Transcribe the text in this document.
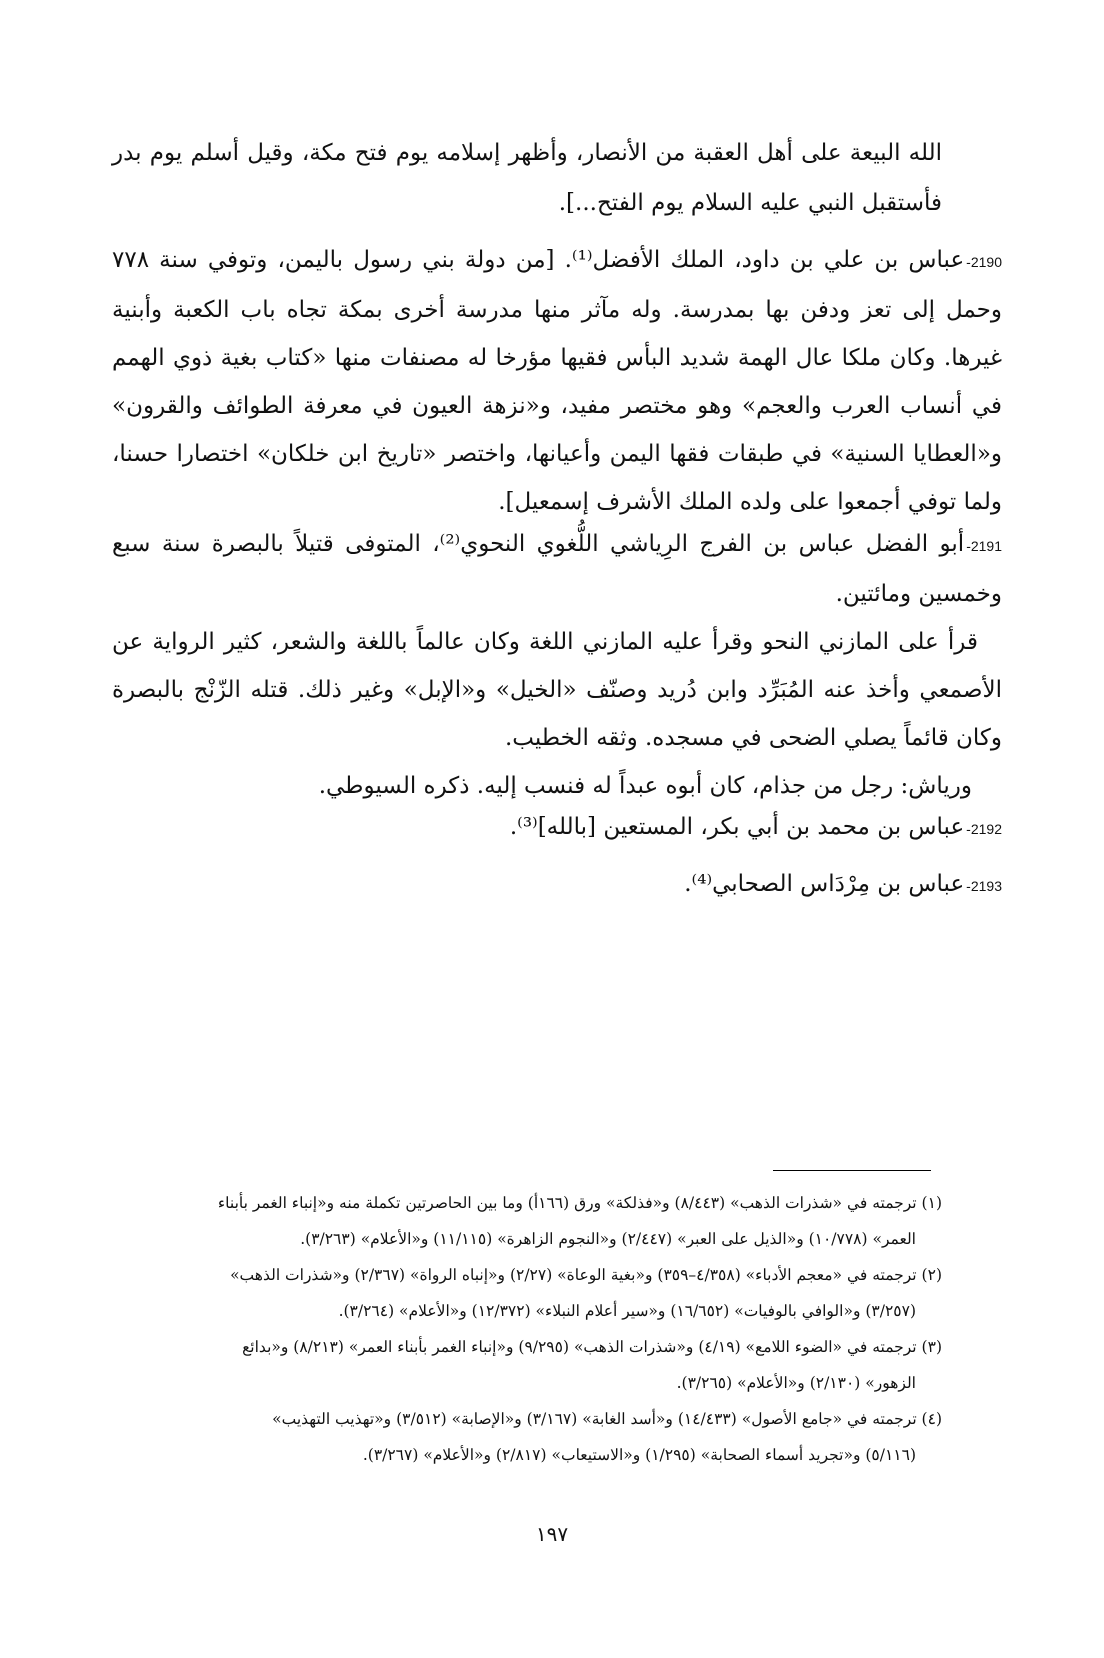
الله البيعة على أهل العقبة من الأنصار، وأظهر إسلامه يوم فتح مكة، وقيل أسلم يوم بدر فأستقبل النبي عليه السلام يوم الفتح...].

2190-عباس بن علي بن داود، الملك الأفضل⁽¹⁾. [من دولة بني رسول باليمن، وتوفي سنة ٧٧٨ وحمل إلى تعز ودفن بها بمدرسة. وله مآثر منها مدرسة أخرى بمكة تجاه باب الكعبة وأبنية غيرها. وكان ملكا عال الهمة شديد البأس فقيها مؤرخا له مصنفات منها «كتاب بغية ذوي الهمم في أنساب العرب والعجم» وهو مختصر مفيد، و«نزهة العيون في معرفة الطوائف والقرون» و«العطايا السنية» في طبقات فقها اليمن وأعيانها، واختصر «تاريخ ابن خلكان» اختصارا حسنا، ولما توفي أجمعوا على ولده الملك الأشرف إسمعيل].

2191-أبو الفضل عباس بن الفرج الرِياشي اللُّغوي النحوي⁽²⁾، المتوفى قتيلاً بالبصرة سنة سبع وخمسين ومائتين.

قرأ على المازني النحو وقرأ عليه المازني اللغة وكان عالماً باللغة والشعر، كثير الرواية عن الأصمعي وأخذ عنه المُبَرِّد وابن دُريد وصنّف «الخيل» و«الإبل» وغير ذلك. قتله الزّنْج بالبصرة وكان قائماً يصلي الضحى في مسجده. وثقه الخطيب.

ورياش: رجل من جذام، كان أبوه عبداً له فنسب إليه. ذكره السيوطي.

2192-عباس بن محمد بن أبي بكر، المستعين [بالله]⁽³⁾.

2193-عباس بن مِرْدَاس الصحابي⁽⁴⁾.

(١) ترجمته في «شذرات الذهب» (٨/٤٤٣) و«فذلكة» ورق (١٦٦أ) وما بين الحاصرتين تكملة منه و«إنباء الغمر بأبناء

العمر» (١٠/٧٧٨) و«الذيل على العبر» (٢/٤٤٧) و«النجوم الزاهرة» (١١/١١٥) و«الأعلام» (٣/٢٦٣).

(٢) ترجمته في «معجم الأدباء» (٤/٣٥٨–٣٥٩) و«بغية الوعاة» (٢/٢٧) و«إنباه الرواة» (٢/٣٦٧) و«شذرات الذهب»

(٣/٢٥٧) و«الوافي بالوفيات» (١٦/٦٥٢) و«سير أعلام النبلاء» (١٢/٣٧٢) و«الأعلام» (٣/٢٦٤).

(٣) ترجمته في «الضوء اللامع» (٤/١٩) و«شذرات الذهب» (٩/٢٩٥) و«إنباء الغمر بأبناء العمر» (٨/٢١٣) و«بدائع

الزهور» (٢/١٣٠) و«الأعلام» (٣/٢٦٥).

(٤) ترجمته في «جامع الأصول» (١٤/٤٣٣) و«أسد الغابة» (٣/١٦٧) و«الإصابة» (٣/٥١٢) و«تهذيب التهذيب»

(٥/١١٦) و«تجريد أسماء الصحابة» (١/٢٩٥) و«الاستيعاب» (٢/٨١٧) و«الأعلام» (٣/٢٦٧).

١٩٧
